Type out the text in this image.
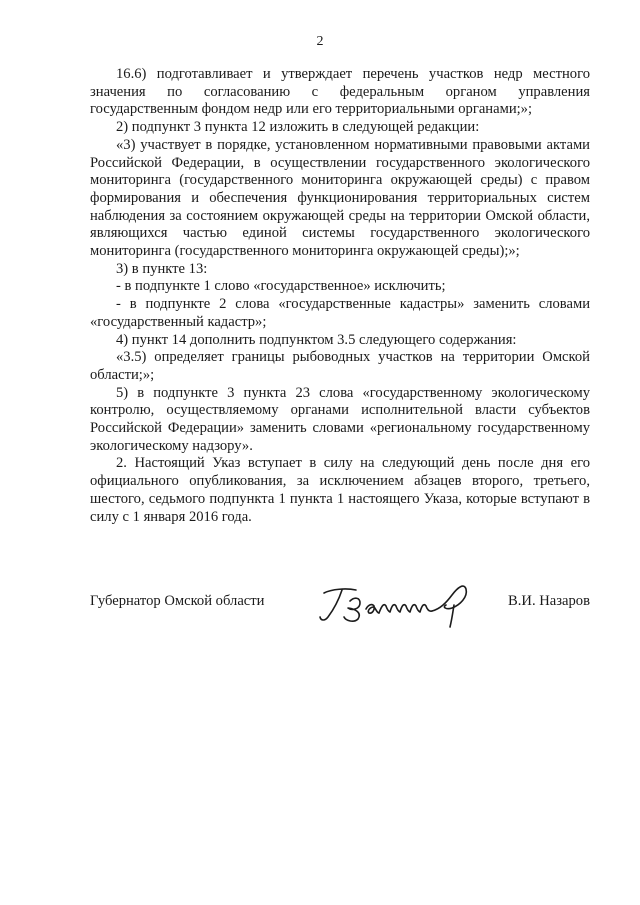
2

16.6) подготавливает и утверждает перечень участков недр местного значения по согласованию с федеральным органом управления государственным фондом недр или его территориальными органами;»;

2) подпункт 3 пункта 12 изложить в следующей редакции:

«3) участвует в порядке, установленном нормативными правовыми актами Российской Федерации, в осуществлении государственного экологического мониторинга (государственного мониторинга окружающей среды) с правом формирования и обеспечения функционирования территориальных систем наблюдения за состоянием окружающей среды на территории Омской области, являющихся частью единой системы государственного экологического мониторинга (государственного мониторинга окружающей среды);»;

3) в пункте 13:

- в подпункте 1 слово «государственное» исключить;

- в подпункте 2 слова «государственные кадастры» заменить словами «государственный кадастр»;

4) пункт 14 дополнить подпунктом 3.5 следующего содержания:

«3.5) определяет границы рыбоводных участков на территории Омской области;»;

5) в подпункте 3 пункта 23 слова «государственному экологическому контролю, осуществляемому органами исполнительной власти субъектов Российской Федерации» заменить словами «региональному государственному экологическому надзору».

2. Настоящий Указ вступает в силу на следующий день после дня его официального опубликования, за исключением абзацев второго, третьего, шестого, седьмого подпункта 1 пункта 1 настоящего Указа, которые вступают в силу с 1 января 2016 года.

Губернатор Омской области	В.И. Назаров
